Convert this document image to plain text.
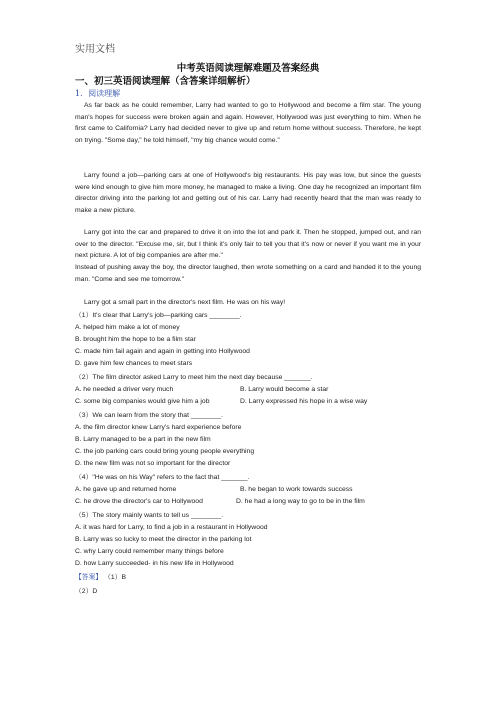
实用文档
中考英语阅读理解难题及答案经典
一、初三英语阅读理解（含答案详细解析）
1．阅读理解

As far back as he could remember, Larry had wanted to go to Hollywood and become a film star. The young man's hopes for success were broken again and again. However, Hollywood was just everything to him. When he first came to California? Larry had decided never to give up and return home without success. Therefore, he kept on trying. "Some day," he told himself, "my big chance would come."

Larry found a job—parking cars at one of Hollywood's big restaurants. His pay was low, but since the guests were kind enough to give him more money, he managed to make a living. One day he recognized an important film director driving into the parking lot and getting out of his car. Larry had recently heard that the man was ready to make a new picture.

Larry got into the car and prepared to drive it on into the lot and park it. Then he stopped, jumped out, and ran over to the director. "Excuse me, sir, but I think it's only fair to tell you that it's now or never if you want me in your next picture. A lot of big companies are after me."

Instead of pushing away the boy, the director laughed, then wrote something on a card and handed it to the young man. "Come and see me tomorrow."

Larry got a small part in the director's next film. He was on his way!

（1）It's clear that Larry's job—parking cars ________.
A. helped him make a lot of money
B. brought him the hope to be a film star
C. made him fail again and again in getting into Hollywood
D. gave him few chances to meet stars
（2）The film director asked Larry to meet him the next day because _______.
A. he needed a driver very much	B. Larry would become a star
C. some big companies would give him a job	D. Larry expressed his hope in a wise way
（3）We can learn from the story that ________.
A. the film director knew Larry's hard experience before
B. Larry managed to be a part in the new film
C. the job parking cars could bring young people everything
D. the new film was not so important for the director
（4）"He was on his Way" refers to the fact that _______.
A. he gave up and returned home	B. he began to work towards success
C. he drove the director's car to Hollywood	D. he had a long way to go to be in the film
（5）The story mainly wants to tell us ________.
A. it was hard for Larry, to find a job in a restaurant in Hollywood
B. Larry was so lucky to meet the director in the parking lot
C. why Larry could remember many things before
D. how Larry succeeded- in his new life in Hollywood
【答案】 （1）B
（2）D
